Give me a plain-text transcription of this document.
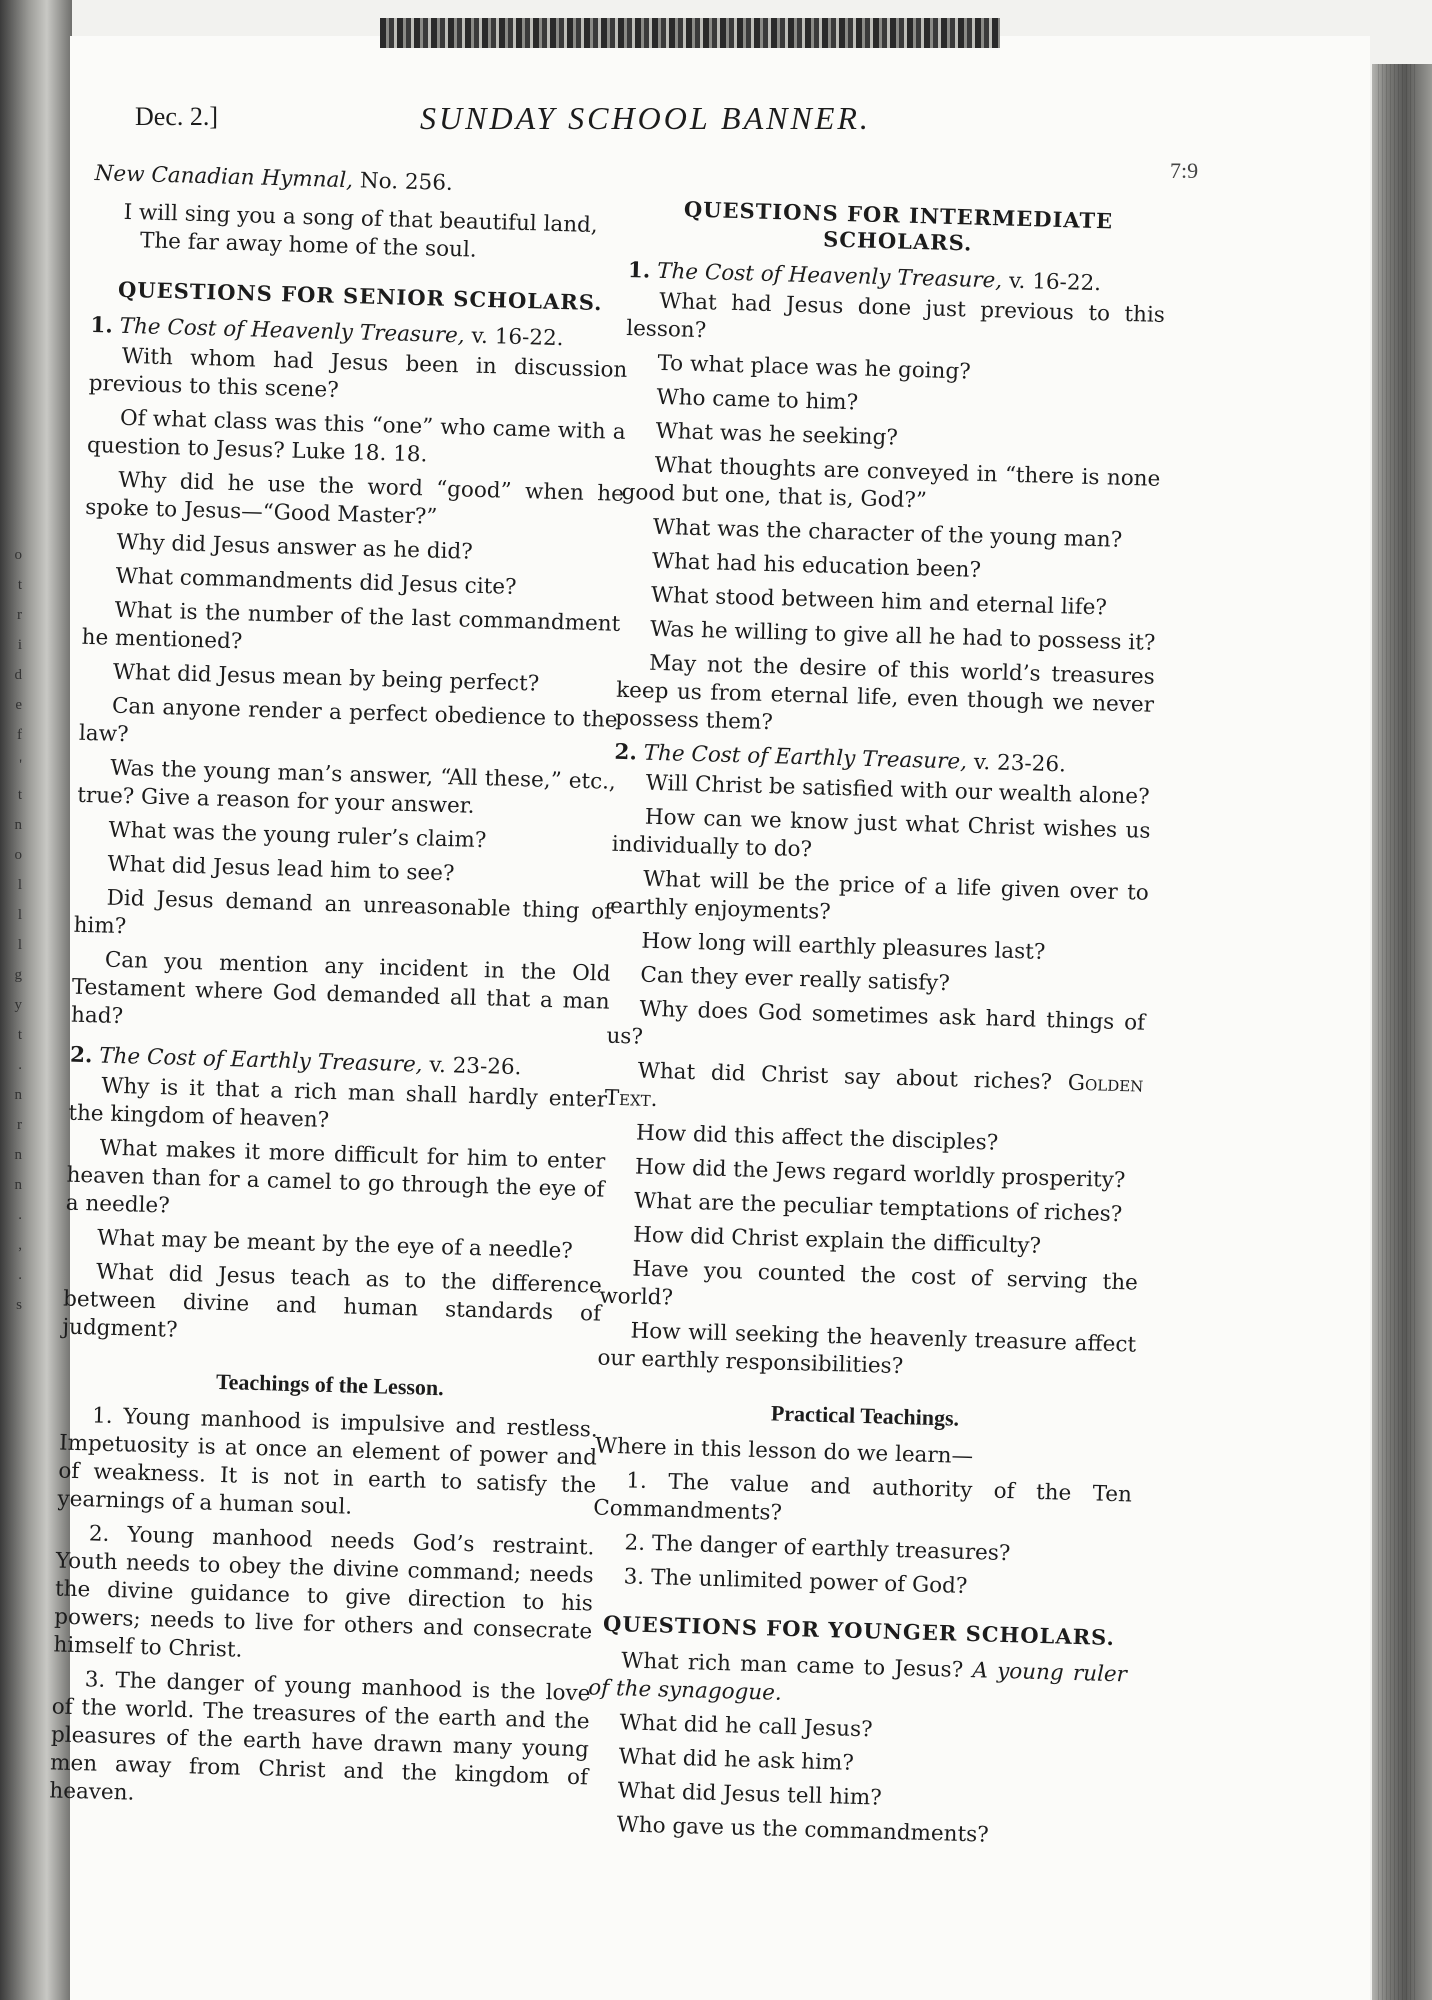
o
t
r
i
d
e
f
'
t
n
o
l
l
l
g
y
t
.
n
r
n
n
.
,
.
s
Dec. 2.]	SUNDAY SCHOOL BANNER.
7:9

New Canadian Hymnal, No. 256.

I will sing you a song of that beautiful land,

The far away home of the soul.

QUESTIONS FOR SENIOR SCHOLARS.

1. The Cost of Heavenly Treasure, v. 16-22.

With whom had Jesus been in discussion previous to this scene?

Of what class was this “one” who came with a question to Jesus? Luke 18. 18.

Why did he use the word “good” when he spoke to Jesus—“Good Master?”

Why did Jesus answer as he did?

What commandments did Jesus cite?

What is the number of the last commandment he mentioned?

What did Jesus mean by being perfect?

Can anyone render a perfect obedience to the law?

Was the young man’s answer, “All these,” etc., true? Give a reason for your answer.

What was the young ruler’s claim?

What did Jesus lead him to see?

Did Jesus demand an unreasonable thing of him?

Can you mention any incident in the Old Testament where God demanded all that a man had?

2. The Cost of Earthly Treasure, v. 23-26.

Why is it that a rich man shall hardly enter the kingdom of heaven?

What makes it more difficult for him to enter heaven than for a camel to go through the eye of a needle?

What may be meant by the eye of a needle?

What did Jesus teach as to the difference between divine and human standards of judgment?

Teachings of the Lesson.

1. Young manhood is impulsive and restless. Impetuosity is at once an element of power and of weakness. It is not in earth to satisfy the yearnings of a human soul.

2. Young manhood needs God’s restraint. Youth needs to obey the divine command; needs the divine guidance to give direction to his powers; needs to live for others and consecrate himself to Christ.

3. The danger of young manhood is the love of the world. The treasures of the earth and the pleasures of the earth have drawn many young men away from Christ and the kingdom of heaven.

QUESTIONS FOR INTERMEDIATE SCHOLARS.

1. The Cost of Heavenly Treasure, v. 16-22.

What had Jesus done just previous to this lesson?

To what place was he going?

Who came to him?

What was he seeking?

What thoughts are conveyed in “there is none good but one, that is, God?”

What was the character of the young man?

What had his education been?

What stood between him and eternal life?

Was he willing to give all he had to possess it?

May not the desire of this world’s treasures keep us from eternal life, even though we never possess them?

2. The Cost of Earthly Treasure, v. 23-26.

Will Christ be satisfied with our wealth alone?

How can we know just what Christ wishes us individually to do?

What will be the price of a life given over to earthly enjoyments?

How long will earthly pleasures last?

Can they ever really satisfy?

Why does God sometimes ask hard things of us?

What did Christ say about riches? Golden Text.

How did this affect the disciples?

How did the Jews regard worldly prosperity?

What are the peculiar temptations of riches?

How did Christ explain the difficulty?

Have you counted the cost of serving the world?

How will seeking the heavenly treasure affect our earthly responsibilities?

Practical Teachings.

Where in this lesson do we learn—

1. The value and authority of the Ten Commandments?

2. The danger of earthly treasures?

3. The unlimited power of God?

QUESTIONS FOR YOUNGER SCHOLARS.

What rich man came to Jesus? A young ruler of the synagogue.

What did he call Jesus?

What did he ask him?

What did Jesus tell him?

Who gave us the commandments?
